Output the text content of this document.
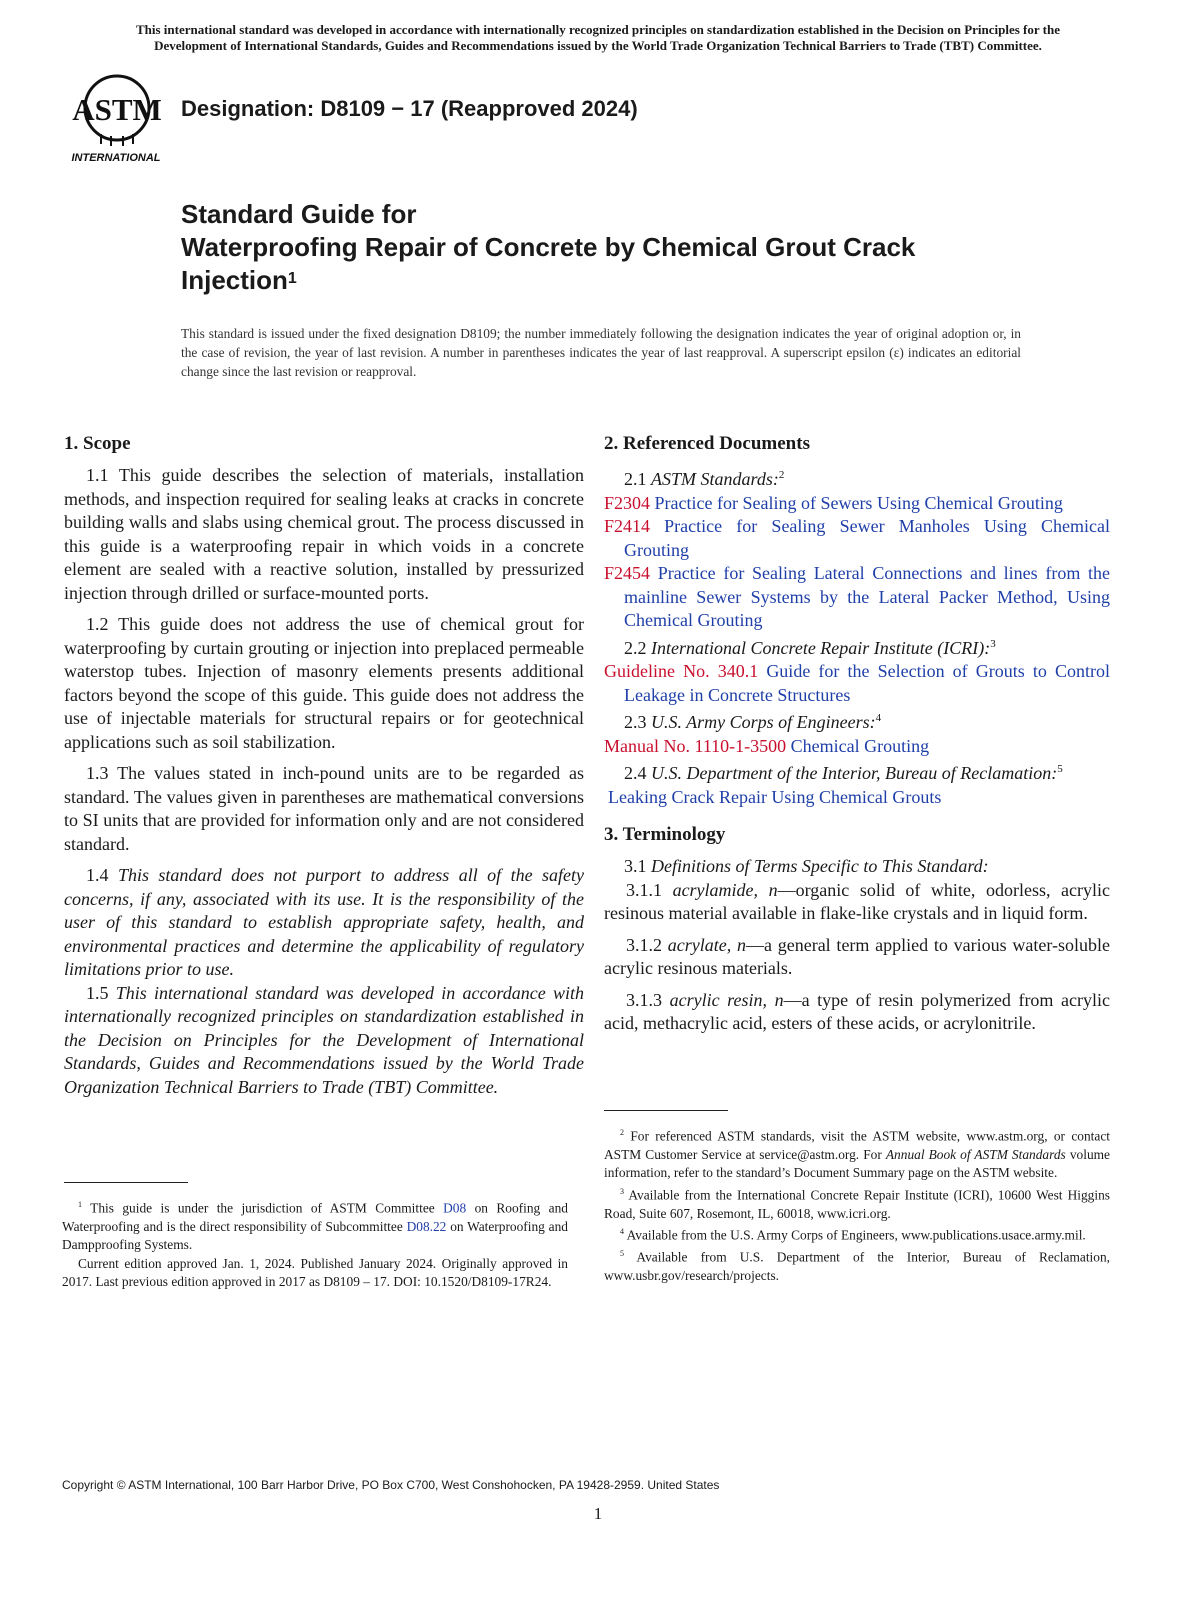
This international standard was developed in accordance with internationally recognized principles on standardization established in the Decision on Principles for the
Development of International Standards, Guides and Recommendations issued by the World Trade Organization Technical Barriers to Trade (TBT) Committee.
ASTM
INTERNATIONAL
Designation: D8109 − 17 (Reapproved 2024)
Standard Guide for
Waterproofing Repair of Concrete by Chemical Grout Crack
Injection$^1$
This standard is issued under the fixed designation D8109; the number immediately following the designation indicates the year of original adoption or, in the case of revision, the year of last revision. A number in parentheses indicates the year of last reapproval. A superscript epsilon (ε) indicates an editorial change since the last revision or reapproval.
1. Scope

1.1 This guide describes the selection of materials, installation methods, and inspection required for sealing leaks at cracks in concrete building walls and slabs using chemical grout. The process discussed in this guide is a waterproofing repair in which voids in a concrete element are sealed with a reactive solution, installed by pressurized injection through drilled or surface-mounted ports.

1.2 This guide does not address the use of chemical grout for waterproofing by curtain grouting or injection into preplaced permeable waterstop tubes. Injection of masonry elements presents additional factors beyond the scope of this guide. This guide does not address the use of injectable materials for structural repairs or for geotechnical applications such as soil stabilization.

1.3 The values stated in inch-pound units are to be regarded as standard. The values given in parentheses are mathematical conversions to SI units that are provided for information only and are not considered standard.

1.4 This standard does not purport to address all of the safety concerns, if any, associated with its use. It is the responsibility of the user of this standard to establish appropriate safety, health, and environmental practices and determine the applicability of regulatory limitations prior to use.

1.5 This international standard was developed in accordance with internationally recognized principles on standardization established in the Decision on Principles for the Development of International Standards, Guides and Recommendations issued by the World Trade Organization Technical Barriers to Trade (TBT) Committee.

2. Referenced Documents

2.1 ASTM Standards:$^2$

F2304 Practice for Sealing of Sewers Using Chemical Grouting

F2414 Practice for Sealing Sewer Manholes Using Chemical Grouting

F2454 Practice for Sealing Lateral Connections and lines from the mainline Sewer Systems by the Lateral Packer Method, Using Chemical Grouting

2.2 International Concrete Repair Institute (ICRI):$^3$

Guideline No. 340.1 Guide for the Selection of Grouts to Control Leakage in Concrete Structures

2.3 U.S. Army Corps of Engineers:$^4$

Manual No. 1110-1-3500 Chemical Grouting

2.4 U.S. Department of the Interior, Bureau of Reclamation:$^5$

Leaking Crack Repair Using Chemical Grouts

3. Terminology

3.1 Definitions of Terms Specific to This Standard:

3.1.1 acrylamide, n—organic solid of white, odorless, acrylic resinous material available in flake-like crystals and in liquid form.

3.1.2 acrylate, n—a general term applied to various water-soluble acrylic resinous materials.

3.1.3 acrylic resin, n—a type of resin polymerized from acrylic acid, methacrylic acid, esters of these acids, or acrylonitrile.

$^1$ This guide is under the jurisdiction of ASTM Committee D08 on Roofing and Waterproofing and is the direct responsibility of Subcommittee D08.22 on Waterproofing and Dampproofing Systems.

Current edition approved Jan. 1, 2024. Published January 2024. Originally approved in 2017. Last previous edition approved in 2017 as D8109 – 17. DOI: 10.1520/D8109-17R24.

$^2$ For referenced ASTM standards, visit the ASTM website, www.astm.org, or contact ASTM Customer Service at service@astm.org. For Annual Book of ASTM Standards volume information, refer to the standard’s Document Summary page on the ASTM website.

$^3$ Available from the International Concrete Repair Institute (ICRI), 10600 West Higgins Road, Suite 607, Rosemont, IL, 60018, www.icri.org.

$^4$ Available from the U.S. Army Corps of Engineers, www.publications.usace.army.mil.

$^5$ Available from U.S. Department of the Interior, Bureau of Reclamation, www.usbr.gov/research/projects.

Copyright © ASTM International, 100 Barr Harbor Drive, PO Box C700, West Conshohocken, PA 19428-2959. United States
1
